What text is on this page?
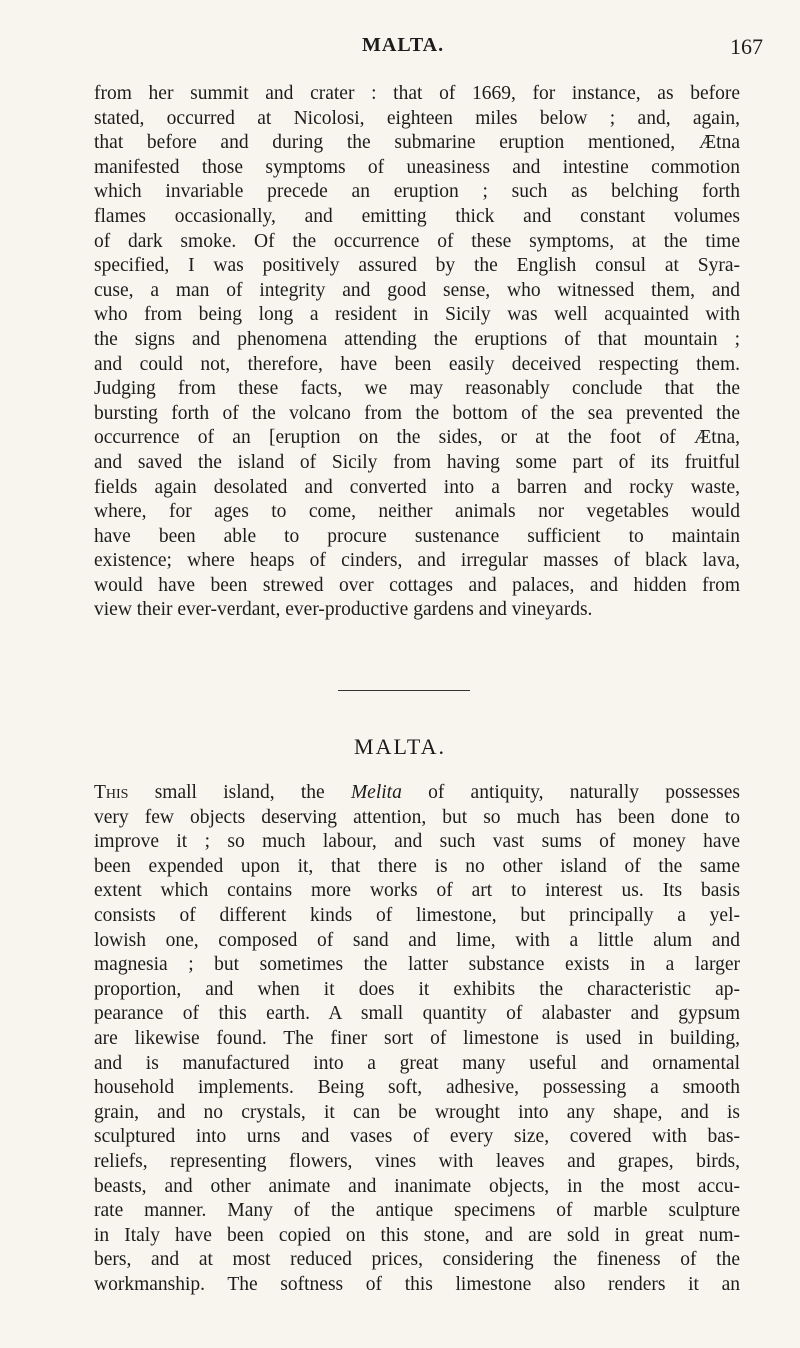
MALTA.	167
from her summit and crater : that of 1669, for instance, as before
stated, occurred at Nicolosi, eighteen miles below ; and, again,
that before and during the submarine eruption mentioned, Ætna
manifested those symptoms of uneasiness and intestine commotion
which invariable precede an eruption ; such as belching forth
flames occasionally, and emitting thick and constant volumes
of dark smoke. Of the occurrence of these symptoms, at the time
specified, I was positively assured by the English consul at Syra-
cuse, a man of integrity and good sense, who witnessed them, and
who from being long a resident in Sicily was well acquainted with
the signs and phenomena attending the eruptions of that mountain ;
and could not, therefore, have been easily deceived respecting them.
Judging from these facts, we may reasonably conclude that the
bursting forth of the volcano from the bottom of the sea prevented the
occurrence of an [eruption on the sides, or at the foot of Ætna,
and saved the island of Sicily from having some part of its fruitful
fields again desolated and converted into a barren and rocky waste,
where, for ages to come, neither animals nor vegetables would
have been able to procure sustenance sufficient to maintain
existence; where heaps of cinders, and irregular masses of black lava,
would have been strewed over cottages and palaces, and hidden from
view their ever-verdant, ever-productive gardens and vineyards.
MALTA.
This small island, the Melita of antiquity, naturally possesses
very few objects deserving attention, but so much has been done to
improve it ; so much labour, and such vast sums of money have
been expended upon it, that there is no other island of the same
extent which contains more works of art to interest us. Its basis
consists of different kinds of limestone, but principally a yel-
lowish one, composed of sand and lime, with a little alum and
magnesia ; but sometimes the latter substance exists in a larger
proportion, and when it does it exhibits the characteristic ap-
pearance of this earth. A small quantity of alabaster and gypsum
are likewise found. The finer sort of limestone is used in building,
and is manufactured into a great many useful and ornamental
household implements. Being soft, adhesive, possessing a smooth
grain, and no crystals, it can be wrought into any shape, and is
sculptured into urns and vases of every size, covered with bas-
reliefs, representing flowers, vines with leaves and grapes, birds,
beasts, and other animate and inanimate objects, in the most accu-
rate manner. Many of the antique specimens of marble sculpture
in Italy have been copied on this stone, and are sold in great num-
bers, and at most reduced prices, considering the fineness of the
workmanship. The softness of this limestone also renders it an
